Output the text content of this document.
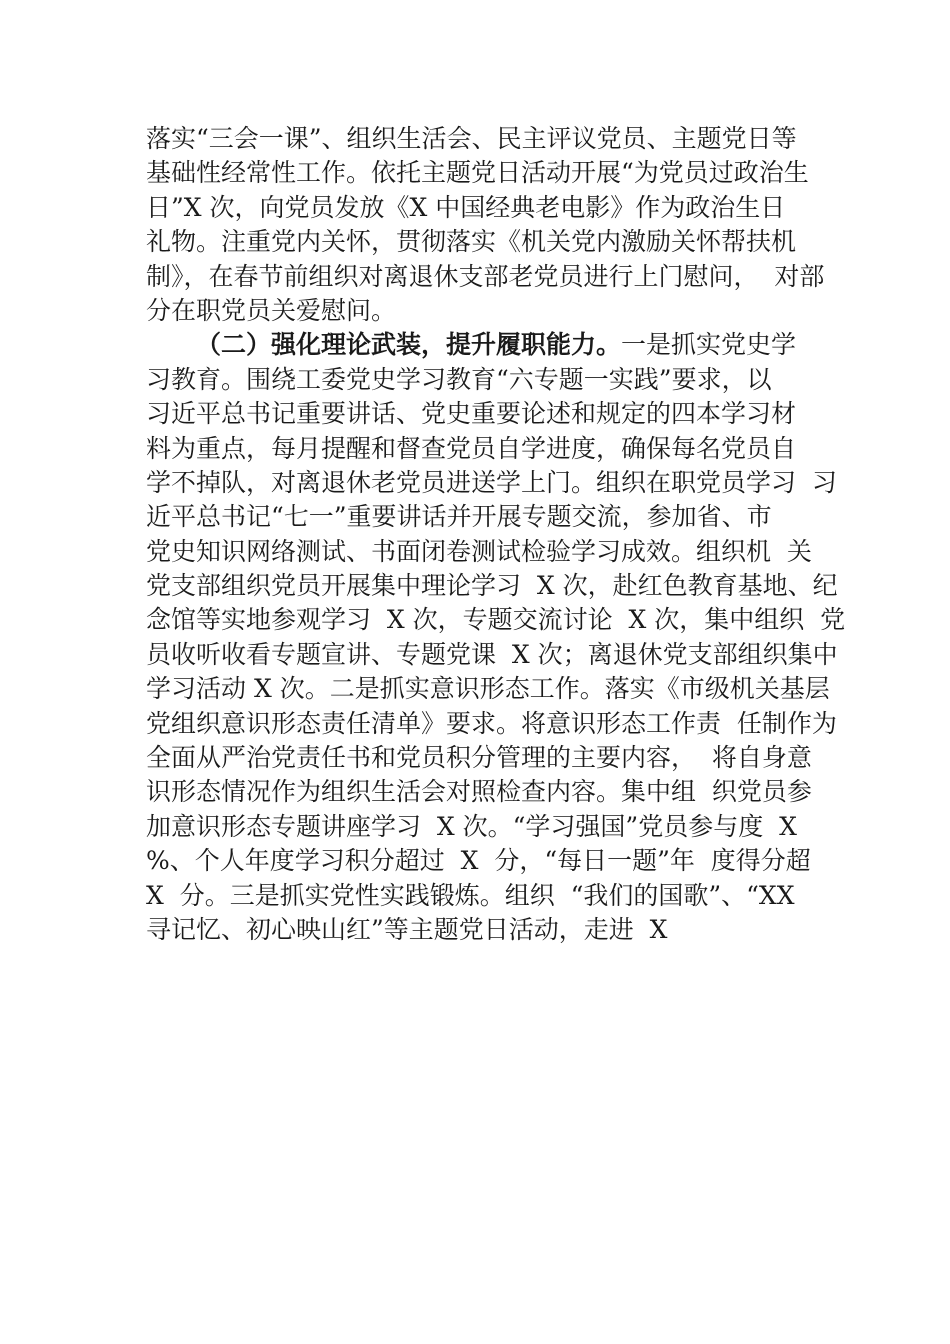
落实“三会一课”、组织生活会、民主评议党员、主题党日等
基础性经常性工作。依托主题党日活动开展“为党员过政治生
日”X 次，向党员发放《X 中国经典老电影》作为政治生日
礼物。注重党内关怀，贯彻落实《机关党内激励关怀帮扶机
制》，在春节前组织对离退休支部老党员进行上门慰问，  对部
分在职党员关爱慰问。
（二）强化理论武装，提升履职能力。一是抓实党史学
习教育。围绕工委党史学习教育“六专题一实践”要求，以
习近平总书记重要讲话、党史重要论述和规定的四本学习材
料为重点，每月提醒和督查党员自学进度，确保每名党员自
学不掉队，对离退休老党员进送学上门。组织在职党员学习  习
近平总书记“七一”重要讲话并开展专题交流，参加省、市
党史知识网络测试、书面闭卷测试检验学习成效。组织机  关
党支部组织党员开展集中理论学习  X 次，赴红色教育基地、纪
念馆等实地参观学习  X 次，专题交流讨论  X 次，集中组织  党
员收听收看专题宣讲、专题党课  X 次；离退休党支部组织集中
学习活动 X 次。二是抓实意识形态工作。落实《市级机关基层
党组织意识形态责任清单》要求。将意识形态工作责  任制作为
全面从严治党责任书和党员积分管理的主要内容，  将自身意
识形态情况作为组织生活会对照检查内容。集中组  织党员参
加意识形态专题讲座学习  X 次。“学习强国”党员参与度  X
%、个人年度学习积分超过  X  分，“每日一题”年  度得分超
X  分。三是抓实党性实践锻炼。组织  “我们的国歌”、“XX
寻记忆、初心映山红”等主题党日活动，走进  X
